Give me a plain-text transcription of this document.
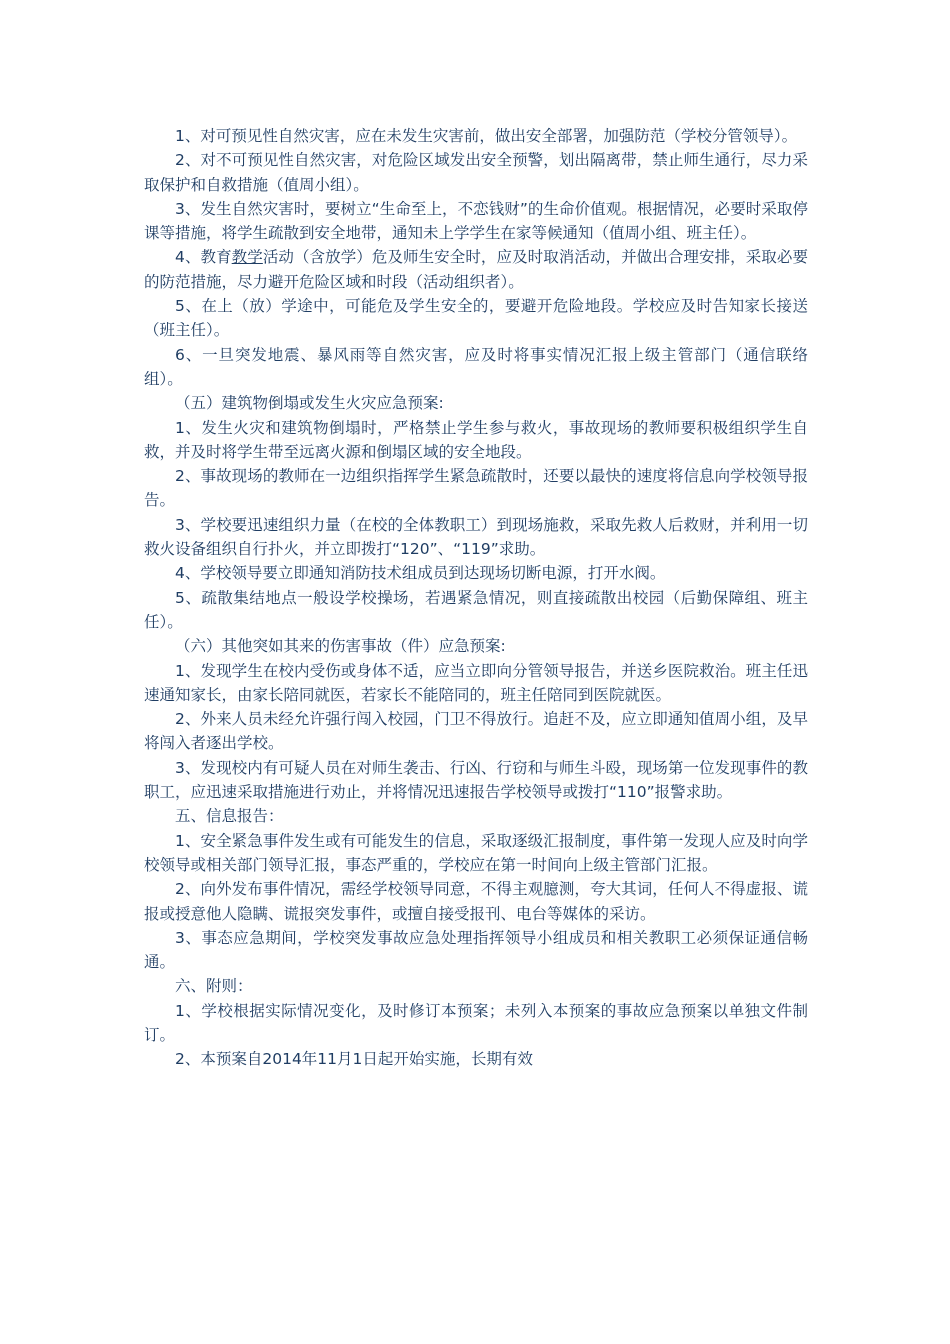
1、对可预见性自然灾害，应在未发生灾害前，做出安全部署，加强防范（学校分管领导）。

2、对不可预见性自然灾害，对危险区域发出安全预警，划出隔离带，禁止师生通行，尽力采取保护和自救措施（值周小组）。

3、发生自然灾害时，要树立“生命至上，不恋钱财”的生命价值观。根据情况，必要时采取停课等措施，将学生疏散到安全地带，通知未上学学生在家等候通知（值周小组、班主任）。

4、教育教学活动（含放学）危及师生安全时，应及时取消活动，并做出合理安排，采取必要的防范措施，尽力避开危险区域和时段（活动组织者）。

5、在上（放）学途中，可能危及学生安全的，要避开危险地段。学校应及时告知家长接送（班主任）。

6、一旦突发地震、暴风雨等自然灾害，应及时将事实情况汇报上级主管部门（通信联络组）。

（五）建筑物倒塌或发生火灾应急预案:

1、发生火灾和建筑物倒塌时，严格禁止学生参与救火，事故现场的教师要积极组织学生自救，并及时将学生带至远离火源和倒塌区域的安全地段。

2、事故现场的教师在一边组织指挥学生紧急疏散时，还要以最快的速度将信息向学校领导报告。

3、学校要迅速组织力量（在校的全体教职工）到现场施救，采取先救人后救财，并利用一切救火设备组织自行扑火，并立即拨打“120”、“119”求助。

4、学校领导要立即通知消防技术组成员到达现场切断电源，打开水阀。

5、疏散集结地点一般设学校操场，若遇紧急情况，则直接疏散出校园（后勤保障组、班主任）。

（六）其他突如其来的伤害事故（件）应急预案:

1、发现学生在校内受伤或身体不适，应当立即向分管领导报告，并送乡医院救治。班主任迅速通知家长，由家长陪同就医，若家长不能陪同的，班主任陪同到医院就医。

2、外来人员未经允许强行闯入校园，门卫不得放行。追赶不及，应立即通知值周小组，及早将闯入者逐出学校。

3、发现校内有可疑人员在对师生袭击、行凶、行窃和与师生斗殴，现场第一位发现事件的教职工，应迅速采取措施进行劝止，并将情况迅速报告学校领导或拨打“110”报警求助。

五、信息报告：

1、安全紧急事件发生或有可能发生的信息，采取逐级汇报制度，事件第一发现人应及时向学校领导或相关部门领导汇报，事态严重的，学校应在第一时间向上级主管部门汇报。

2、向外发布事件情况，需经学校领导同意，不得主观臆测，夸大其词，任何人不得虚报、谎报或授意他人隐瞒、谎报突发事件，或擅自接受报刊、电台等媒体的采访。

3、事态应急期间，学校突发事故应急处理指挥领导小组成员和相关教职工必须保证通信畅通。

六、附则：

1、学校根据实际情况变化，及时修订本预案；未列入本预案的事故应急预案以单独文件制订。

2、本预案自2014年11月1日起开始实施，长期有效
